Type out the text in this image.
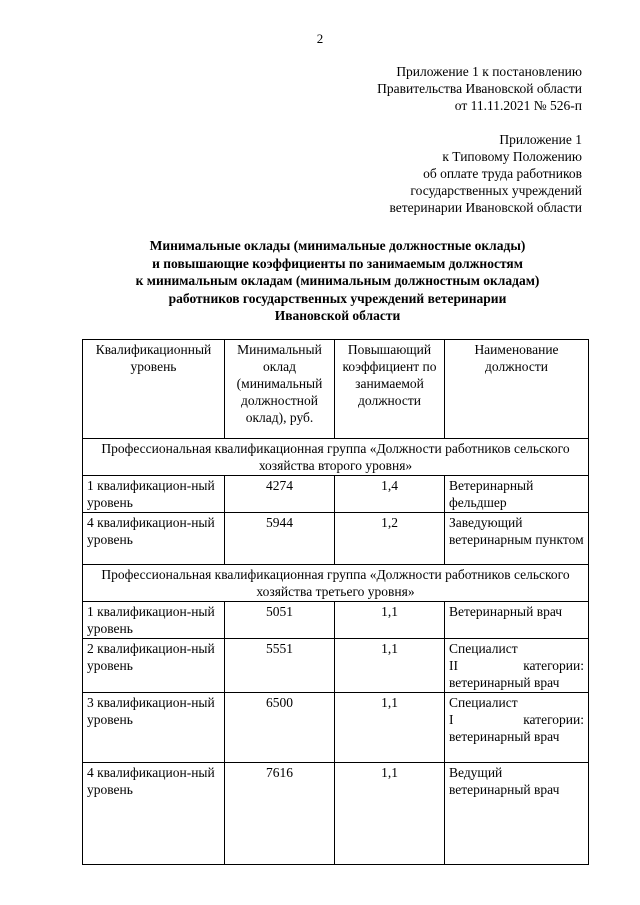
2
Приложение 1 к постановлению
Правительства Ивановской области
от 11.11.2021 № 526-п
Приложение 1
к Типовому Положению
об оплате труда работников
государственных учреждений
ветеринарии Ивановской области
Минимальные оклады (минимальные должностные оклады)
и повышающие коэффициенты по занимаемым должностям
к минимальным окладам (минимальным должностным окладам)
работников государственных учреждений ветеринарии
Ивановской области
Квалификационный уровень	Минимальный оклад (минимальный должностной оклад), руб.	Повышающий коэффициент по занимаемой должности	Наименование должности
Профессиональная квалификационная группа «Должности работников сельского хозяйства второго уровня»			
1 квалификацион-ный уровень	4274	1,4	Ветеринарный фельдшер
4 квалификацион-ный уровень	5944	1,2	Заведующий ветеринарным пунктом
Профессиональная квалификационная группа «Должности работников сельского хозяйства третьего уровня»			
1 квалификацион-ный уровень	5051	1,1	Ветеринарный врач
2 квалификацион-ный уровень	5551	1,1	Специалист
II категории:
ветеринарный врач

3 квалификацион-ный уровень	6500	1,1	Специалист
I категории:
ветеринарный врач

4 квалификацион-ный уровень	7616	1,1	Ведущий ветеринарный врач
